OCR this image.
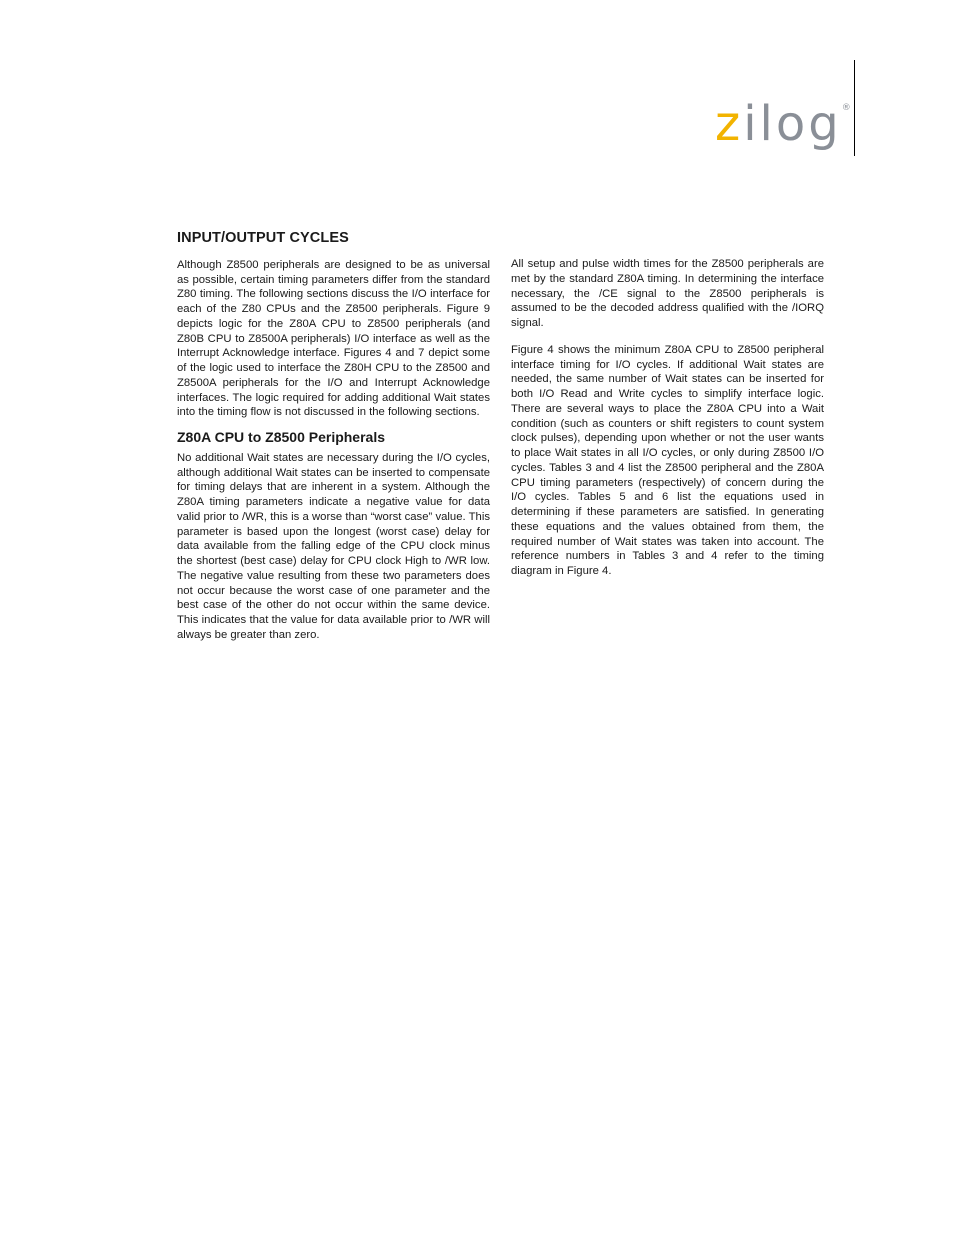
zilog®
INPUT/OUTPUT CYCLES

Although Z8500 peripherals are designed to be as universal as possible, certain timing parameters differ from the standard Z80 timing. The following sections discuss the I/O interface for each of the Z80 CPUs and the Z8500 peripherals. Figure 9 depicts logic for the Z80A CPU to Z8500 peripherals (and Z80B CPU to Z8500A peripherals) I/O interface as well as the Interrupt Acknowledge interface. Figures 4 and 7 depict some of the logic used to interface the Z80H CPU to the Z8500 and Z8500A peripherals for the I/O and Interrupt Acknowledge interfaces. The logic required for adding additional Wait states into the timing flow is not discussed in the following sections.

Z80A CPU to Z8500 Peripherals

No additional Wait states are necessary during the I/O cycles, although additional Wait states can be inserted to compensate for timing delays that are inherent in a system. Although the Z80A timing parameters indicate a negative value for data valid prior to /WR, this is a worse than “worst case” value. This parameter is based upon the longest (worst case) delay for data available from the falling edge of the CPU clock minus the shortest (best case) delay for CPU clock High to /WR low. The negative value resulting from these two parameters does not occur because the worst case of one parameter and the best case of the other do not occur within the same device. This indicates that the value for data available prior to /WR will always be greater than zero.

All setup and pulse width times for the Z8500 peripherals are met by the standard Z80A timing. In determining the interface necessary, the /CE signal to the Z8500 peripherals is assumed to be the decoded address qualified with the /IORQ signal.

Figure 4 shows the minimum Z80A CPU to Z8500 peripheral interface timing for I/O cycles. If additional Wait states are needed, the same number of Wait states can be inserted for both I/O Read and Write cycles to simplify interface logic. There are several ways to place the Z80A CPU into a Wait condition (such as counters or shift registers to count system clock pulses), depending upon whether or not the user wants to place Wait states in all I/O cycles, or only during Z8500 I/O cycles. Tables 3 and 4 list the Z8500 peripheral and the Z80A CPU timing parameters (respectively) of concern during the I/O cycles. Tables 5 and 6 list the equations used in determining if these parameters are satisfied. In generating these equations and the values obtained from them, the required number of Wait states was taken into account. The reference numbers in Tables 3 and 4 refer to the timing diagram in Figure 4.
